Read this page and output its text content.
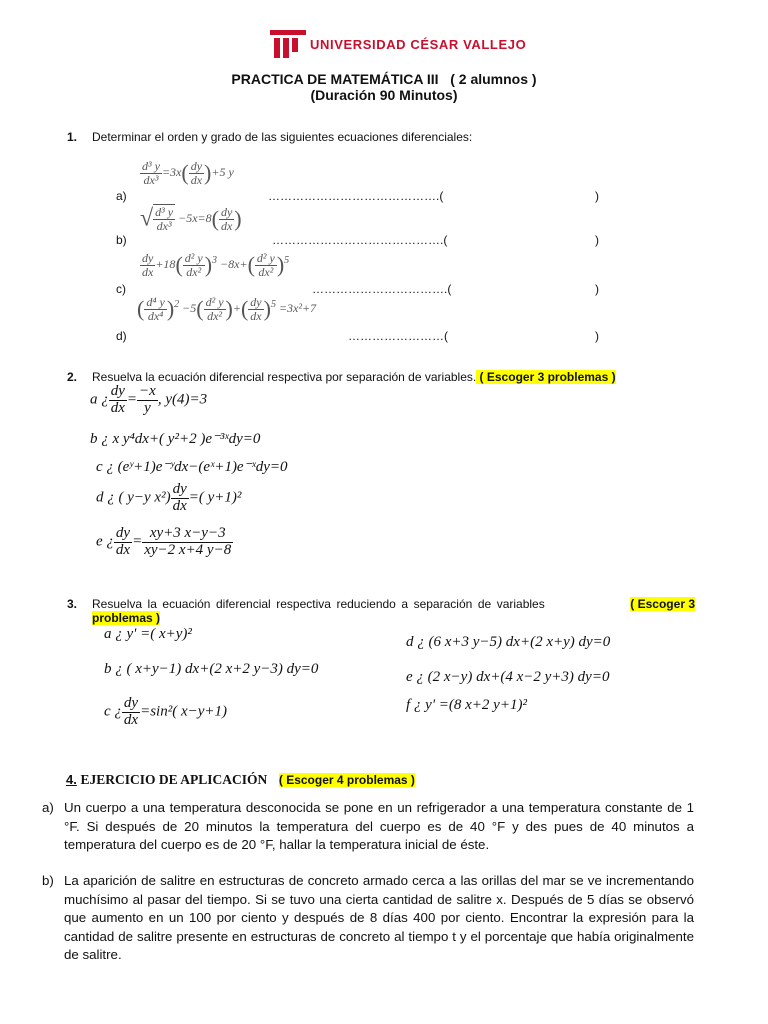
UNIVERSIDAD CÉSAR VALLEJO
PRACTICA DE MATEMÁTICA III   ( 2 alumnos )
(Duración 90 Minutos)
1. Determinar el orden y grado de las siguientes ecuaciones diferenciales:
a)
$\frac{\text{d³ y}}{\text{dx³}} =3x( \frac{dy}{dx} )+5$ y
…………………………………….(	)
b)
√ $\frac{\text{d³ y}}{\text{dx³}} -5x=8( \frac{dy}{dx}$ )
…………………………………….(	)
c)
$\frac{dy}{dx} +18( \frac{\text{d² y}}{\text{dx²}} )^3 -8x+( \frac{\text{d² y}}{\text{dx²}} )^5$
…………………………….(	)
d)
( $\frac{\text{d⁴ y}}{\text{dx⁴}} )^2 -5( \frac{\text{d² y}}{\text{dx²}}$ )+( $\frac{dy}{dx} )^5 =3x^2+7$
……………………(	)
2. Resuelva la ecuación diferencial respectiva por separación de variables. ( Escoger 3 problemas )
a ¿ $\frac{dy}{dx} = \frac{-x}{y}$ , y(4)=3
b ¿ x y⁴dx+( y²+2 )e⁻³ˣdy=0
c ¿ (eʸ+1)e⁻ʸdx−(eˣ+1)e⁻ˣdy=0
d ¿ ( y−y $x^2) \frac{dy}{dx}$ =( y+1)²
e ¿ $\frac{dy}{dx} = \frac{xy+3 x-y-3}{xy-2 x+4 y-8}$
3. Resuelva la ecuación diferencial respectiva reduciendo a separación de variables	( Escoger 3
problemas )
a ¿ y' =( x+y)²
b ¿ ( x+y−1) dx+(2 x+2 y−3) dy=0
c ¿ $\frac{dy}{dx} =\sin^2$( x−y+1)
d ¿ (6 x+3 y−5) dx+(2 x+y) dy=0
e ¿ (2 x−y) dx+(4 x−2 y+3) dy=0
f ¿ y' =(8 x+2 y+1)²
4. EJERCICIO DE APLICACIÓN ( Escoger 4 problemas )
a) Un cuerpo a una temperatura desconocida se pone en un refrigerador a una temperatura constante de 1 °F. Si después de 20 minutos la temperatura del cuerpo es de 40 °F y des pues de 40 minutos a temperatura del cuerpo es de 20 °F, hallar la temperatura inicial de éste.
b) La aparición de salitre en estructuras de concreto armado cerca a las orillas del mar se ve incrementando muchísimo al pasar del tiempo. Si se tuvo una cierta cantidad de salitre x. Después de 5 días se observó que aumento en un 100 por ciento y después de 8 días 400 por ciento. Encontrar la expresión para la cantidad de salitre presente en estructuras de concreto al tiempo t y el porcentaje que había originalmente de salitre.
